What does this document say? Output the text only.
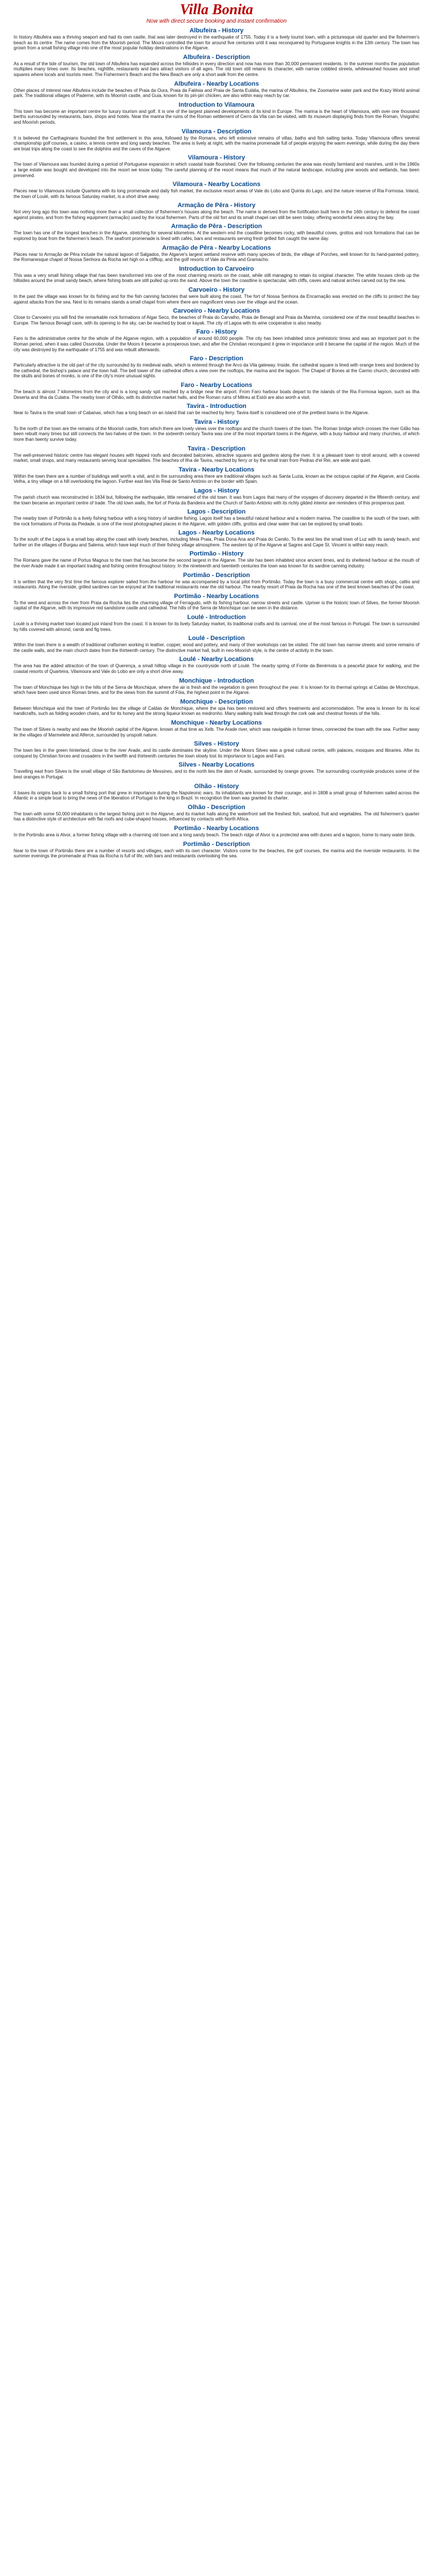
Villa Bonita
Now with direct secure booking and instant confirmation
Albufeira - History
In history Albufeira was a thriving seaport and had its own castle, that was later destroyed in the earthquake of 1755. Today it is a lively tourist town, with a picturesque old quarter and the fishermen's beach as its centre. The name comes from the Moorish period. The Moors controlled the town for around five centuries until it was reconquered by Portuguese knights in the 13th century. The town has grown from a small fishing village into one of the most popular holiday destinations in the Algarve.
Albufeira - Description
As a result of the tide of tourism, the old town of Albufeira has expanded across the hillsides in every direction and now has more than 30,000 permanent residents. In the summer months the population multiplies many times over. Its beaches, nightlife, restaurants and bars attract visitors of all ages. The old town still retains its character, with narrow cobbled streets, whitewashed houses and small squares where locals and tourists meet. The Fishermen's Beach and the New Beach are only a short walk from the centre.
Albufeira - Nearby Locations
Other places of interest near Albufeira include the beaches of Praia da Oura, Praia da Falésia and Praia de Santa Eulália, the marina of Albufeira, the Zoomarine water park and the Krazy World animal park. The traditional villages of Paderne, with its Moorish castle, and Guia, known for its piri-piri chicken, are also within easy reach by car.
Introduction to Vilamoura
This town has become an important centre for luxury tourism and golf. It is one of the largest planned developments of its kind in Europe. The marina is the heart of Vilamoura, with over one thousand berths surrounded by restaurants, bars, shops and hotels. Near the marina the ruins of the Roman settlement of Cerro da Vila can be visited, with its museum displaying finds from the Roman, Visigothic and Moorish periods.
Vilamoura - Description
It is believed the Carthaginians founded the first settlement in this area, followed by the Romans, who left extensive remains of villas, baths and fish salting tanks. Today Vilamoura offers several championship golf courses, a casino, a tennis centre and long sandy beaches. The area is lively at night, with the marina promenade full of people enjoying the warm evenings, while during the day there are boat trips along the coast to see the dolphins and the caves of the Algarve.
Vilamoura - History
The town of Vilamoura was founded during a period of Portuguese expansion in which coastal trade flourished. Over the following centuries the area was mostly farmland and marshes, until in the 1960s a large estate was bought and developed into the resort we know today. The careful planning of the resort means that much of the natural landscape, including pine woods and wetlands, has been preserved.
Vilamoura - Nearby Locations
Places near to Vilamoura include Quarteira with its long promenade and daily fish market, the exclusive resort areas of Vale do Lobo and Quinta do Lago, and the nature reserve of Ria Formosa. Inland, the town of Loulé, with its famous Saturday market, is a short drive away.
Armação de Pêra - History
Not very long ago this town was nothing more than a small collection of fishermen's houses along the beach. The name is derived from the fortification built here in the 16th century to defend the coast against pirates, and from the fishing equipment (armação) used by the local fishermen. Parts of the old fort and its small chapel can still be seen today, offering wonderful views along the bay.
Armação de Pêra - Description
The town has one of the longest beaches in the Algarve, stretching for several kilometres. At the western end the coastline becomes rocky, with beautiful coves, grottos and rock formations that can be explored by boat from the fishermen's beach. The seafront promenade is lined with cafés, bars and restaurants serving fresh grilled fish caught the same day.
Armação de Pêra - Nearby Locations
Places near to Armação de Pêra include the natural lagoon of Salgados, the Algarve's largest wetland reserve with many species of birds, the village of Porches, well known for its hand-painted pottery, the Romanesque chapel of Nossa Senhora da Rocha set high on a clifftop, and the golf resorts of Vale da Pinta and Gramacho.
Introduction to Carvoeiro
This was a very small fishing village that has been transformed into one of the most charming resorts on the coast, while still managing to retain its original character. The white houses climb up the hillsides around the small sandy beach, where fishing boats are still pulled up onto the sand. Above the town the coastline is spectacular, with cliffs, caves and natural arches carved out by the sea.
Carvoeiro - History
In the past the village was known for its fishing and for the fish canning factories that were built along the coast. The fort of Nossa Senhora da Encarnação was erected on the cliffs to protect the bay against attacks from the sea. Next to its remains stands a small chapel from where there are magnificent views over the village and the ocean.
Carvoeiro - Nearby Locations
Close to Carvoeiro you will find the remarkable rock formations of Algar Seco, the beaches of Praia do Carvalho, Praia de Benagil and Praia da Marinha, considered one of the most beautiful beaches in Europe. The famous Benagil cave, with its opening to the sky, can be reached by boat or kayak. The city of Lagoa with its wine cooperative is also nearby.
Faro - History
Faro is the administrative centre for the whole of the Algarve region, with a population of around 60,000 people. The city has been inhabited since prehistoric times and was an important port in the Roman period, when it was called Ossonoba. Under the Moors it became a prosperous town, and after the Christian reconquest it grew in importance until it became the capital of the region. Much of the city was destroyed by the earthquake of 1755 and was rebuilt afterwards.
Faro - Description
Particularly attractive is the old part of the city surrounded by its medieval walls, which is entered through the Arco da Vila gateway. Inside, the cathedral square is lined with orange trees and bordered by the cathedral, the bishop's palace and the town hall. The bell tower of the cathedral offers a view over the rooftops, the marina and the lagoon. The Chapel of Bones at the Carmo church, decorated with the skulls and bones of monks, is one of the city's more unusual sights.
Faro - Nearby Locations
The beach is almost 7 kilometres from the city and is a long sandy spit reached by a bridge near the airport. From Faro harbour boats depart to the islands of the Ria Formosa lagoon, such as Ilha Deserta and Ilha da Culatra. The nearby town of Olhão, with its distinctive market halls, and the Roman ruins of Milreu at Estói are also worth a visit.
Tavira - Introduction
Near to Tavira is the small town of Cabanas, which has a long beach on an island that can be reached by ferry. Tavira itself is considered one of the prettiest towns in the Algarve.
Tavira - History
To the north of the town are the remains of the Moorish castle, from which there are lovely views over the rooftops and the church towers of the town. The Roman bridge which crosses the river Gilão has been rebuilt many times but still connects the two halves of the town. In the sixteenth century Tavira was one of the most important towns in the Algarve, with a busy harbour and many churches, of which more than twenty survive today.
Tavira - Description
The well-preserved historic centre has elegant houses with hipped roofs and decorated balconies, attractive squares and gardens along the river. It is a pleasant town to stroll around, with a covered market, small shops, and many restaurants serving local specialities. The beaches of Ilha de Tavira, reached by ferry or by the small train from Pedras d'el Rei, are wide and quiet.
Tavira - Nearby Locations
Within the town there are a number of buildings well worth a visit, and in the surrounding area there are traditional villages such as Santa Luzia, known as the octopus capital of the Algarve, and Cacela Velha, a tiny village on a hill overlooking the lagoon. Further east lies Vila Real de Santo António on the border with Spain.
Lagos - History
The parish church was reconstructed in 1834 but, following the earthquake, little remained of the old town. It was from Lagos that many of the voyages of discovery departed in the fifteenth century, and the town became an important centre of trade. The old town walls, the fort of Ponta da Bandeira and the Church of Santo António with its richly gilded interior are reminders of this prosperous past.
Lagos - Description
The nearby town of Portimão is a lively fishing harbour with a long history of sardine fishing. Lagos itself has a beautiful natural harbour and a modern marina. The coastline to the south of the town, with the rock formations of Ponta da Piedade, is one of the most photographed places in the Algarve, with golden cliffs, grottos and clear water that can be explored by small boats.
Lagos - Nearby Locations
To the south of the Lagoa is a small bay along the coast with lovely beaches, including Meia Praia, Praia Dona Ana and Praia do Camilo. To the west lies the small town of Luz with its sandy beach, and further on the villages of Burgau and Salema, which have kept much of their fishing village atmosphere. The western tip of the Algarve at Sagres and Cape St. Vincent is within easy reach.
Portimão - History
The Romans gave the name of Portus Magnus to the town that has become the second largest in the Algarve. The site has been inhabited since ancient times, and its sheltered harbour at the mouth of the river Arade made it an important trading and fishing centre throughout history. In the nineteenth and twentieth centuries the town was known for its sardine canning industry.
Portimão - Description
It is written that the very first time the famous explorer sailed from the harbour he was accompanied by a local pilot from Portimão. Today the town is a busy commercial centre with shops, cafés and restaurants. Along the riverside, grilled sardines can be enjoyed at the traditional restaurants near the old harbour. The nearby resort of Praia da Rocha has one of the best known beaches of the coast.
Portimão - Nearby Locations
To the west and across the river from Praia da Rocha lies the charming village of Ferragudo, with its fishing harbour, narrow streets and castle. Upriver is the historic town of Silves, the former Moorish capital of the Algarve, with its impressive red sandstone castle and cathedral. The hills of the Serra de Monchique can be seen in the distance.
Loulé - Introduction
Loulé is a thriving market town located just inland from the coast. It is known for its lively Saturday market, its traditional crafts and its carnival, one of the most famous in Portugal. The town is surrounded by hills covered with almond, carob and fig trees.
Loulé - Description
Within the town there is a wealth of traditional craftsmen working in leather, copper, wood and pottery, and many of their workshops can be visited. The old town has narrow streets and some remains of the castle walls, and the main church dates from the thirteenth century. The distinctive market hall, built in neo-Moorish style, is the centre of activity in the town.
Loulé - Nearby Locations
The area has the added attraction of the town of Querença, a small hilltop village in the countryside north of Loulé. The nearby spring of Fonte da Benémola is a peaceful place for walking, and the coastal resorts of Quarteira, Vilamoura and Vale do Lobo are only a short drive away.
Monchique - Introduction
The town of Monchique lies high in the hills of the Serra de Monchique, where the air is fresh and the vegetation is green throughout the year. It is known for its thermal springs at Caldas de Monchique, which have been used since Roman times, and for the views from the summit of Fóia, the highest point in the Algarve.
Monchique - Description
Between Monchique and the town of Portimão lies the village of Caldas de Monchique, where the spa has been restored and offers treatments and accommodation. The area is known for its local handicrafts, such as folding wooden chairs, and for its honey and the strong liqueur known as medronho. Many walking trails lead through the cork oak and chestnut forests of the hills.
Monchique - Nearby Locations
The town of Silves is nearby and was the Moorish capital of the Algarve, known at that time as Xelb. The Arade river, which was navigable in former times, connected the town with the sea. Further away lie the villages of Marmelete and Alferce, surrounded by unspoilt nature.
Silves - History
The town lies in the green hinterland, close to the river Arade, and its castle dominates the skyline. Under the Moors Silves was a great cultural centre, with palaces, mosques and libraries. After its conquest by Christian forces and crusaders in the twelfth and thirteenth centuries the town slowly lost its importance to Lagos and Faro.
Silves - Nearby Locations
Travelling east from Silves is the small village of São Bartolomeu de Messines, and to the north lies the dam of Arade, surrounded by orange groves. The surrounding countryside produces some of the best oranges in Portugal.
Olhão - History
It bases its origins back to a small fishing port that grew in importance during the Napoleonic wars. Its inhabitants are known for their courage, and in 1808 a small group of fishermen sailed across the Atlantic in a simple boat to bring the news of the liberation of Portugal to the king in Brazil. In recognition the town was granted its charter.
Olhão - Description
The town with some 50,000 inhabitants is the largest fishing port in the Algarve, and its market halls along the waterfront sell the freshest fish, seafood, fruit and vegetables. The old fishermen's quarter has a distinctive style of architecture with flat roofs and cube-shaped houses, influenced by contacts with North Africa.
Portimão - Nearby Locations
In the Portimão area is Alvor, a former fishing village with a charming old town and a long sandy beach. The beach ridge of Alvor is a protected area with dunes and a lagoon, home to many water birds.
Portimão - Description
Near to the town of Portimão there are a number of resorts and villages, each with its own character. Visitors come for the beaches, the golf courses, the marina and the riverside restaurants. In the summer evenings the promenade at Praia da Rocha is full of life, with bars and restaurants overlooking the sea.
